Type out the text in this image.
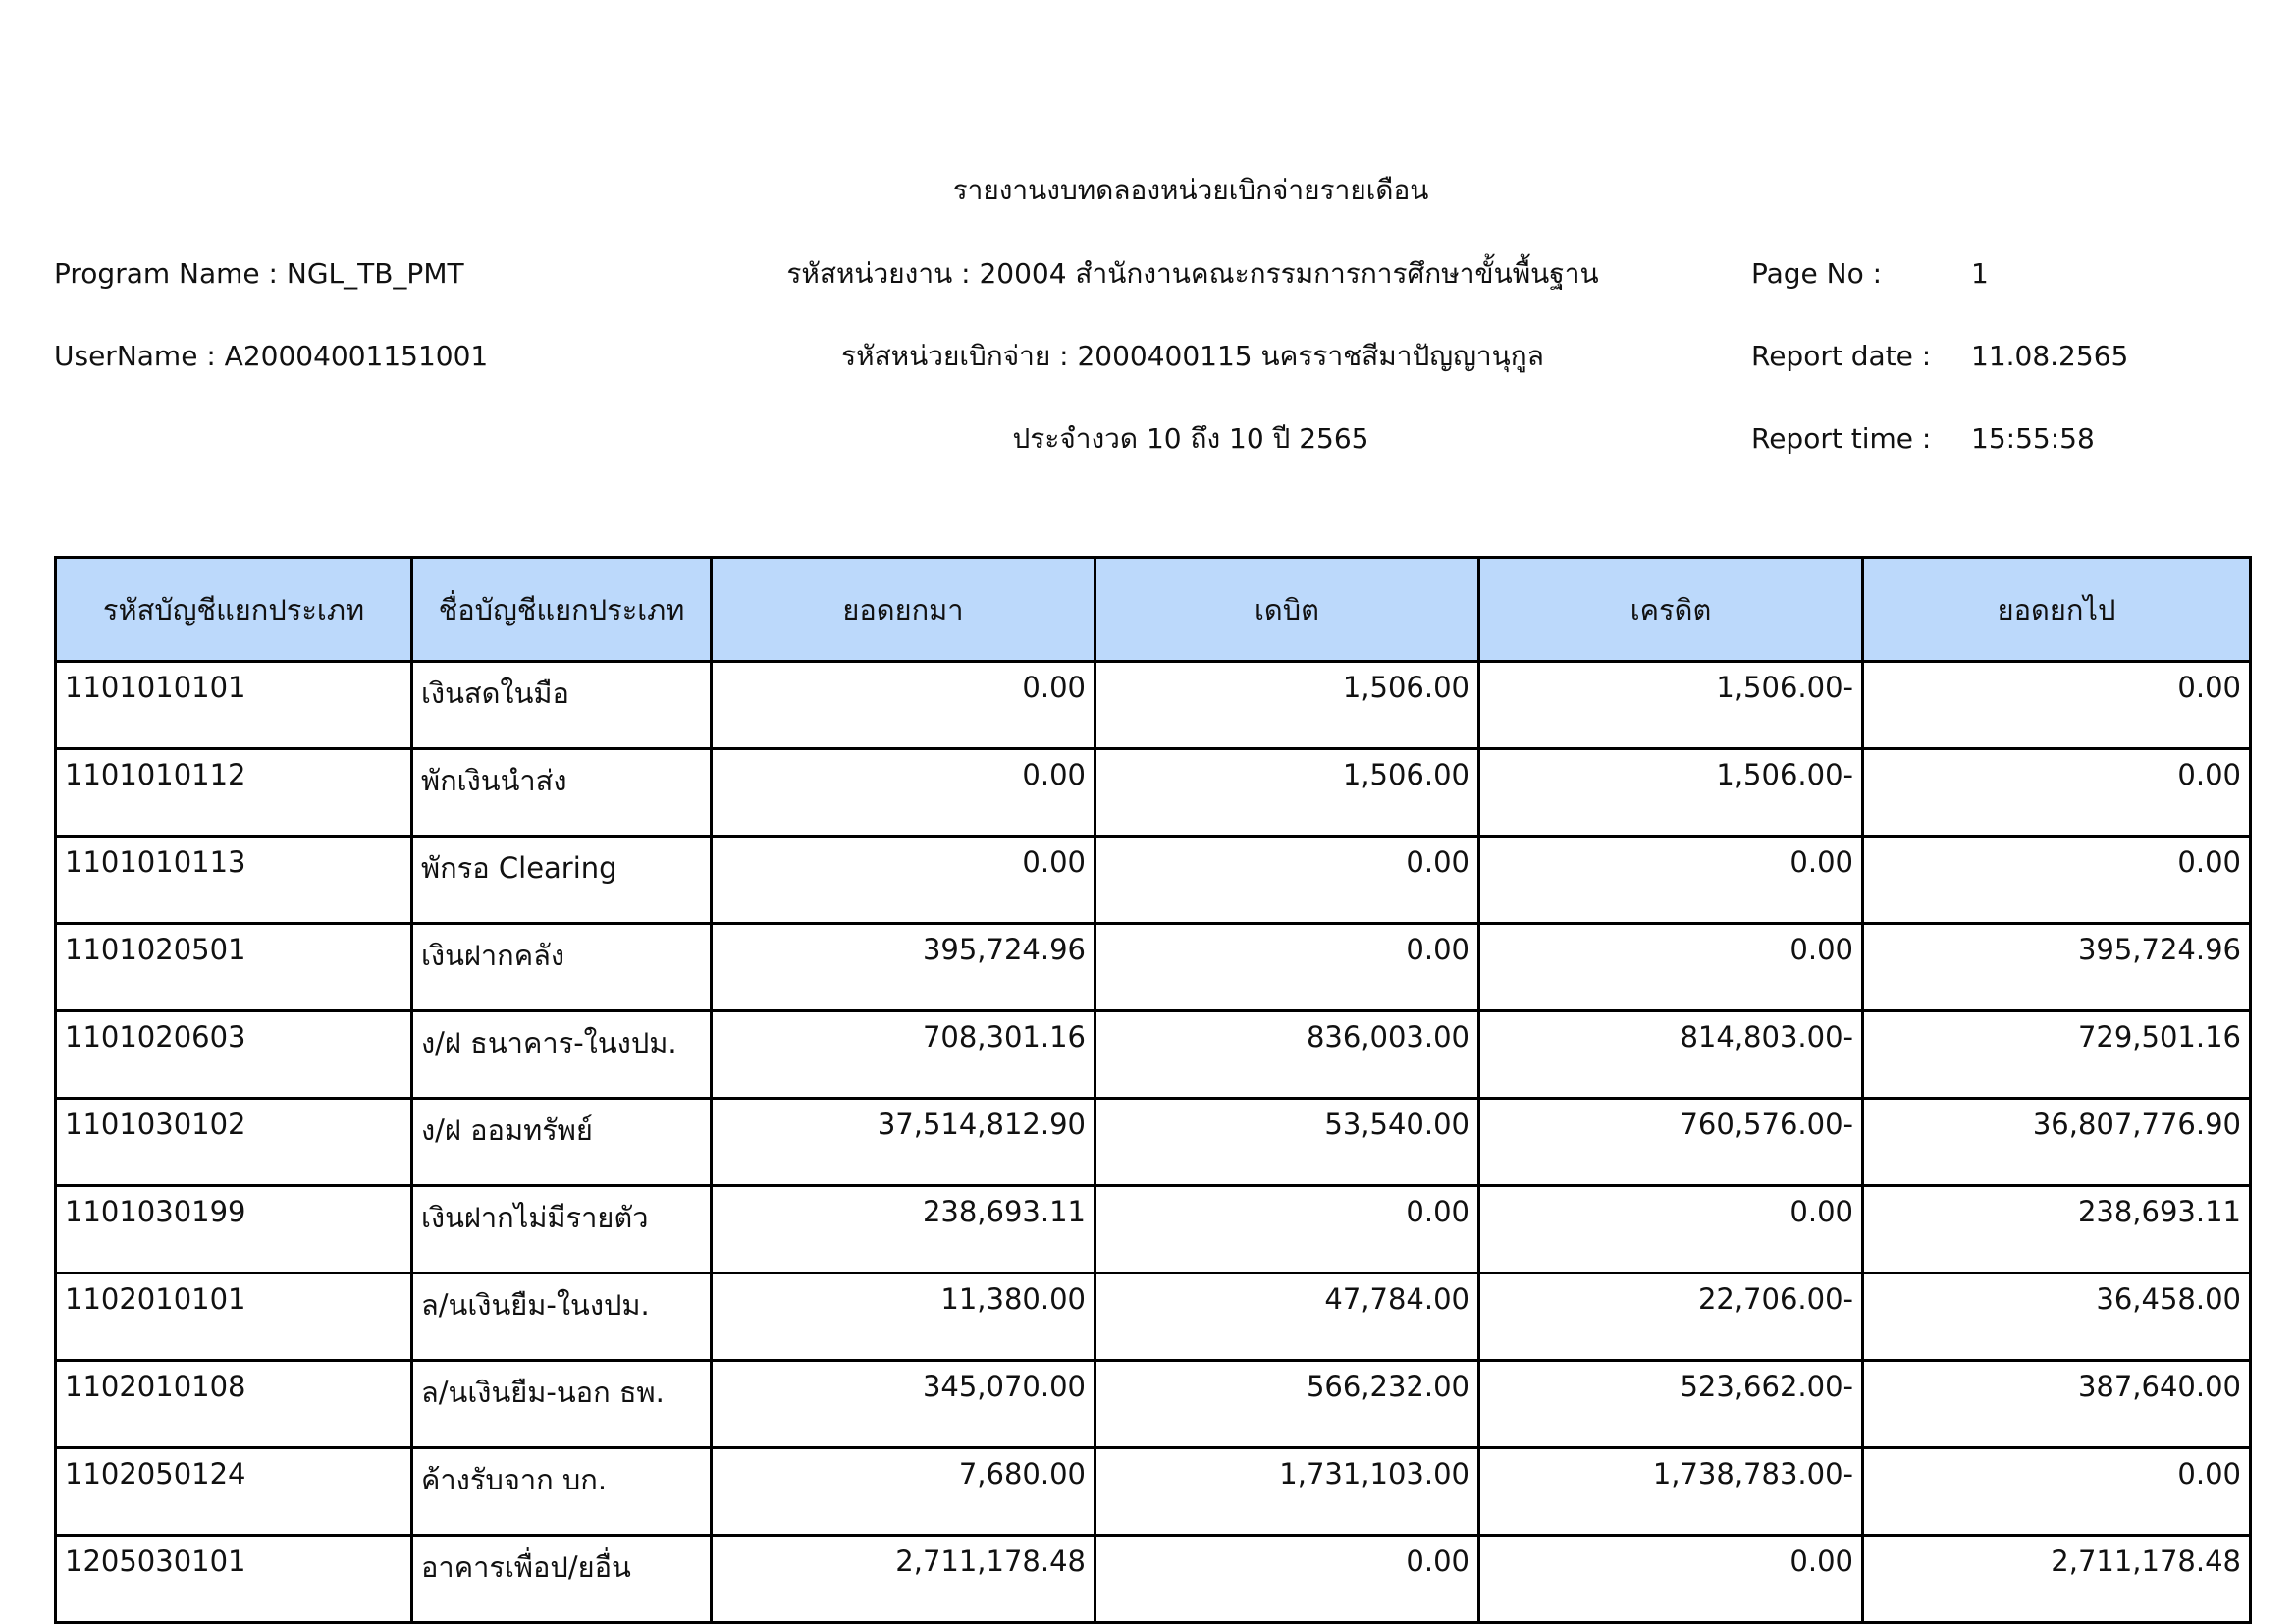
รายงานงบทดลองหน่วยเบิกจ่ายรายเดือน
Program Name : NGL_TB_PMT	รหัสหน่วยงาน : 20004 สำนักงานคณะกรรมการการศึกษาขั้นพื้นฐาน	Page No :	1
UserName : A20004001151001	รหัสหน่วยเบิกจ่าย : 2000400115 นครราชสีมาปัญญานุกูล	Report date : 11.08.2565
ประจำงวด 10 ถึง 10 ปี 2565	Report time : 15:55:58
รหัสบัญชีแยกประเภท	ชื่อบัญชีแยกประเภท	ยอดยกมา	เดบิต	เครดิต	ยอดยกไป
1101010101	เงินสดในมือ	0.00	1,506.00	1,506.00-	0.00
1101010112	พักเงินนำส่ง	0.00	1,506.00	1,506.00-	0.00
1101010113	พักรอ Clearing	0.00	0.00	0.00	0.00
1101020501	เงินฝากคลัง	395,724.96	0.00	0.00	395,724.96
1101020603	ง/ฝ ธนาคาร-ในงปม.	708,301.16	836,003.00	814,803.00-	729,501.16
1101030102	ง/ฝ ออมทรัพย์	37,514,812.90	53,540.00	760,576.00-	36,807,776.90
1101030199	เงินฝากไม่มีรายตัว	238,693.11	0.00	0.00	238,693.11
1102010101	ล/นเงินยืม-ในงปม.	11,380.00	47,784.00	22,706.00-	36,458.00
1102010108	ล/นเงินยืม-นอก ธพ.	345,070.00	566,232.00	523,662.00-	387,640.00
1102050124	ค้างรับจาก บก.	7,680.00	1,731,103.00	1,738,783.00-	0.00
1205030101	อาคารเพื่อป/ยอื่น	2,711,178.48	0.00	0.00	2,711,178.48
